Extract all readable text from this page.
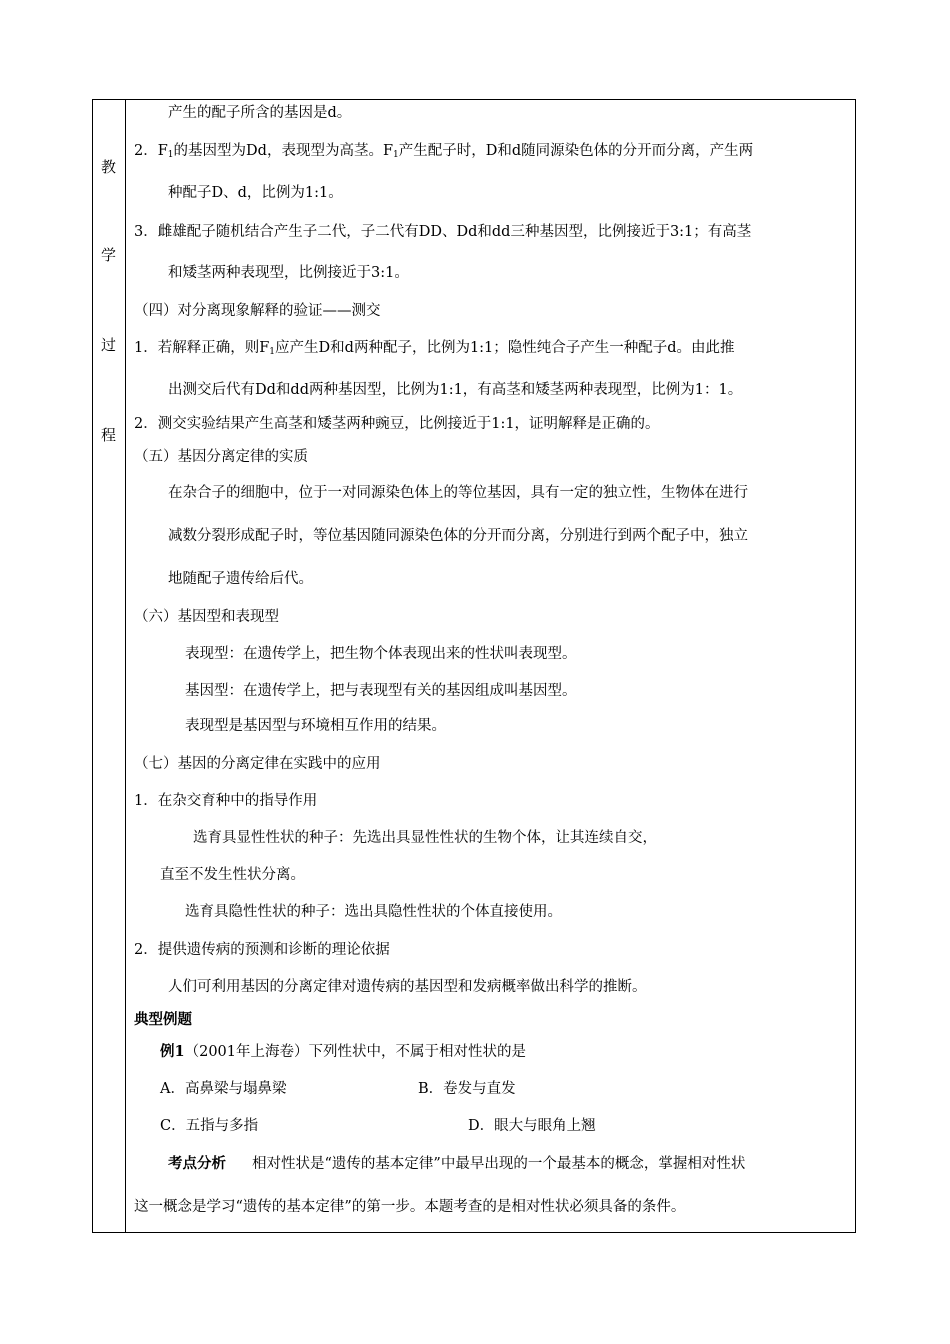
教
学
过
程
产生的配子所含的基因是d。
2．$F_1$的基因型为Dd，表现型为高茎。$F_1$产生配子时，D和d随同源染色体的分开而分离，产生两
种配子D、d，比例为1:1。
3．雌雄配子随机结合产生子二代，子二代有DD、Dd和dd三种基因型，比例接近于3:1；有高茎
和矮茎两种表现型，比例接近于3:1。
（四）对分离现象解释的验证——测交
1．若解释正确，则$F_1$应产生D和d两种配子，比例为1:1；隐性纯合子产生一种配子d。由此推
出测交后代有Dd和dd两种基因型，比例为1:1，有高茎和矮茎两种表现型，比例为1：1。
2．测交实验结果产生高茎和矮茎两种豌豆，比例接近于1:1，证明解释是正确的。
（五）基因分离定律的实质
在杂合子的细胞中，位于一对同源染色体上的等位基因，具有一定的独立性，生物体在进行
减数分裂形成配子时，等位基因随同源染色体的分开而分离，分别进行到两个配子中，独立
地随配子遗传给后代。
（六）基因型和表现型
表现型：在遗传学上，把生物个体表现出来的性状叫表现型。
基因型：在遗传学上，把与表现型有关的基因组成叫基因型。
表现型是基因型与环境相互作用的结果。
（七）基因的分离定律在实践中的应用
1．在杂交育种中的指导作用
选育具显性性状的种子：先选出具显性性状的生物个体，让其连续自交，
直至不发生性状分离。
选育具隐性性状的种子：选出具隐性性状的个体直接使用。
2．提供遗传病的预测和诊断的理论依据
人们可利用基因的分离定律对遗传病的基因型和发病概率做出科学的推断。
典型例题
例1（2001年上海卷）下列性状中，不属于相对性状的是
A．高鼻梁与塌鼻梁	B．卷发与直发
C．五指与多指	D．眼大与眼角上翘
考点分析 相对性状是“遗传的基本定律”中最早出现的一个最基本的概念，掌握相对性状
这一概念是学习“遗传的基本定律”的第一步。本题考查的是相对性状必须具备的条件。
